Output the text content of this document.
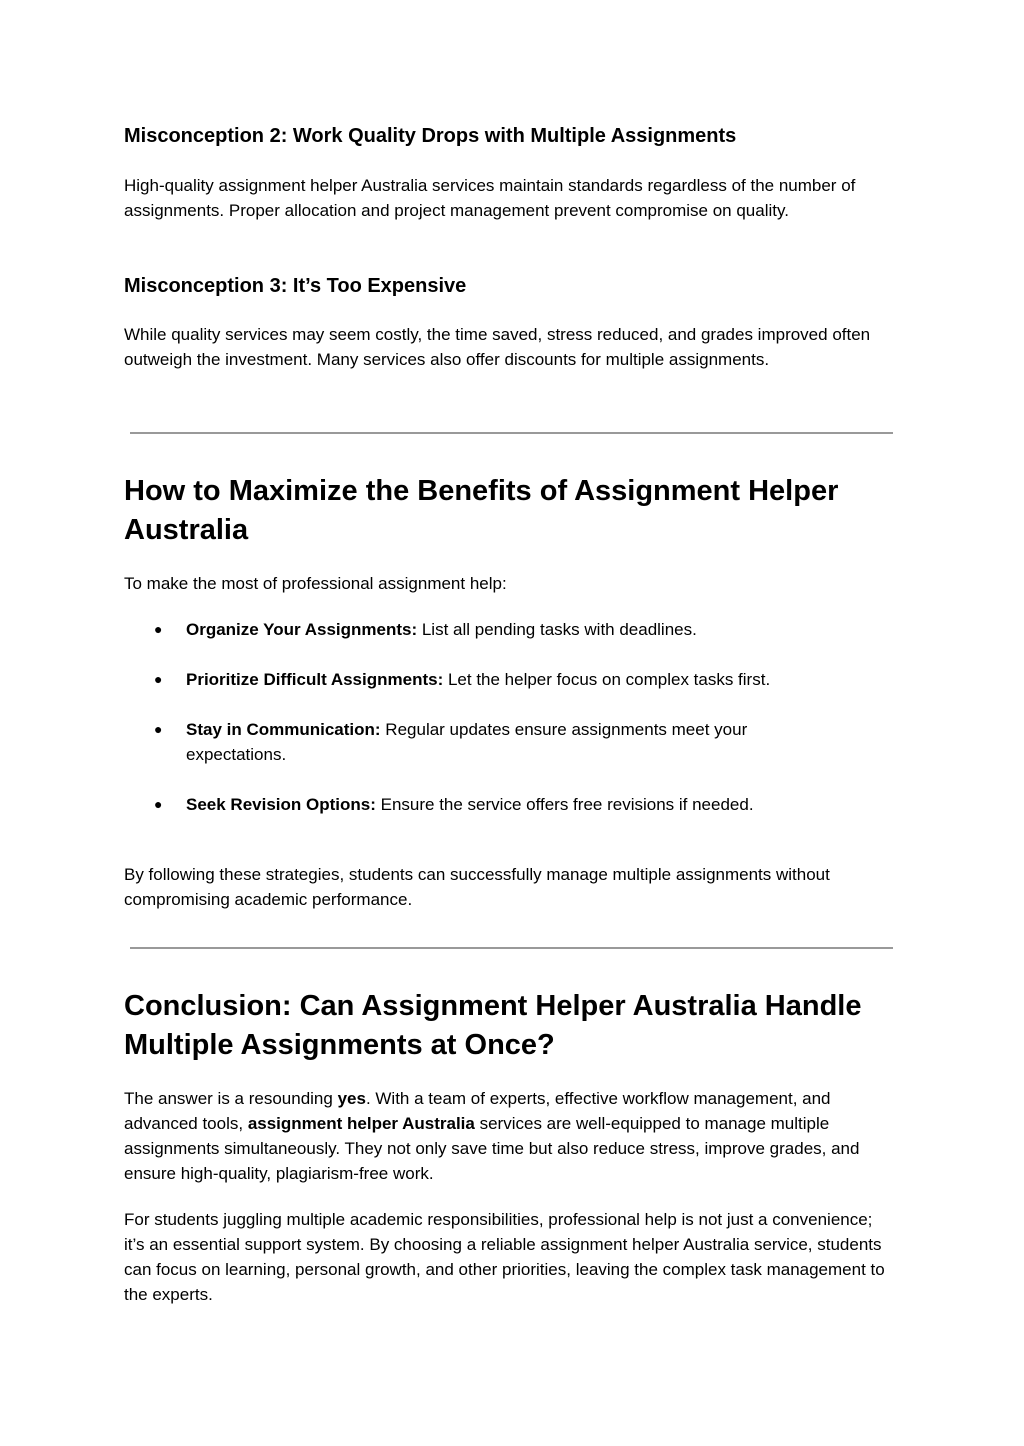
Misconception 2: Work Quality Drops with Multiple Assignments

High-quality assignment helper Australia services maintain standards regardless of the number of assignments. Proper allocation and project management prevent compromise on quality.

Misconception 3: It’s Too Expensive

While quality services may seem costly, the time saved, stress reduced, and grades improved often outweigh the investment. Many services also offer discounts for multiple assignments.

How to Maximize the Benefits of Assignment Helper Australia

To make the most of professional assignment help:

● Organize Your Assignments: List all pending tasks with deadlines.
● Prioritize Difficult Assignments: Let the helper focus on complex tasks first.
● Stay in Communication: Regular updates ensure assignments meet your expectations.
● Seek Revision Options: Ensure the service offers free revisions if needed.

By following these strategies, students can successfully manage multiple assignments without compromising academic performance.

Conclusion: Can Assignment Helper Australia Handle Multiple Assignments at Once?

The answer is a resounding yes. With a team of experts, effective workflow management, and advanced tools, assignment helper Australia services are well-equipped to manage multiple assignments simultaneously. They not only save time but also reduce stress, improve grades, and ensure high-quality, plagiarism-free work.

For students juggling multiple academic responsibilities, professional help is not just a convenience; it’s an essential support system. By choosing a reliable assignment helper Australia service, students can focus on learning, personal growth, and other priorities, leaving the complex task management to the experts.
